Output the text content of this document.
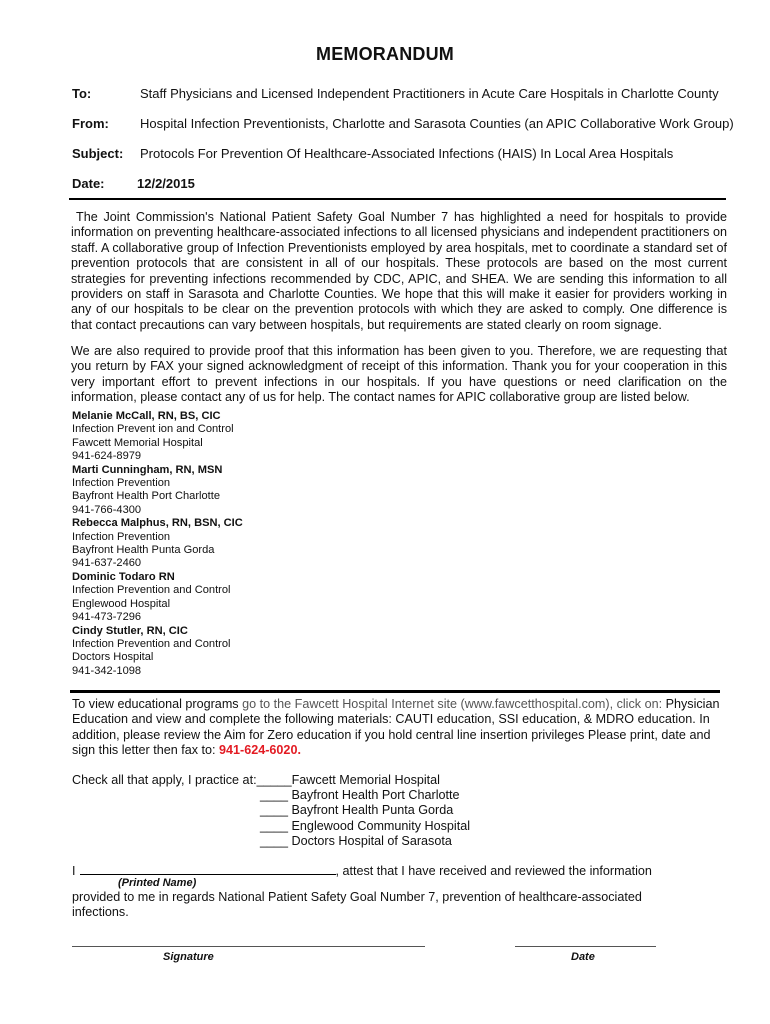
MEMORANDUM
To:	Staff Physicians and Licensed Independent Practitioners in Acute Care Hospitals in Charlotte County
From: Hospital Infection Preventionists, Charlotte and Sarasota Counties (an APIC Collaborative Work Group)
Subject: Protocols For Prevention Of Healthcare-Associated Infections (HAIS) In Local Area Hospitals
Date: 12/2/2015
The Joint Commission's National Patient Safety Goal Number 7 has highlighted a need for hospitals to provide information on preventing healthcare-associated infections to all licensed physicians and independent practitioners on staff. A collaborative group of Infection Preventionists employed by area hospitals, met to coordinate a standard set of prevention protocols that are consistent in all of our hospitals. These protocols are based on the most current strategies for preventing infections recommended by CDC, APIC, and SHEA. We are sending this information to all providers on staff in Sarasota and Charlotte Counties. We hope that this will make it easier for providers working in any of our hospitals to be clear on the prevention protocols with which they are asked to comply. One difference is that contact precautions can vary between hospitals, but requirements are stated clearly on room signage.
We are also required to provide proof that this information has been given to you. Therefore, we are requesting that you return by FAX your signed acknowledgment of receipt of this information. Thank you for your cooperation in this very important effort to prevent infections in our hospitals. If you have questions or need clarification on the information, please contact any of us for help. The contact names for APIC collaborative group are listed below.
Melanie McCall, RN, BS, CIC
Infection Prevent ion and Control
Fawcett Memorial Hospital
941-624-8979
Marti Cunningham, RN, MSN
Infection Prevention
Bayfront Health Port Charlotte
941-766-4300
Rebecca Malphus, RN, BSN, CIC
Infection Prevention
Bayfront Health Punta Gorda
941-637-2460
Dominic Todaro RN
Infection Prevention and Control
Englewood Hospital
941-473-7296
Cindy Stutler, RN, CIC
Infection Prevention and Control
Doctors Hospital
941-342-1098
To view educational programs go to the Fawcett Hospital Internet site (www.fawcetthospital.com), click on: Physician Education and view and complete the following materials: CAUTI education, SSI education, & MDRO education. In addition, please review the Aim for Zero education if you hold central line insertion privileges Please print, date and sign this letter then fax to: 941-624-6020.
Check all that apply, I practice at:_____Fawcett Memorial Hospital
____ Bayfront Health Port Charlotte
____ Bayfront Health Punta Gorda
____ Englewood Community Hospital
____ Doctors Hospital of Sarasota
I	, attest that I have received and reviewed the information
(Printed Name)
provided to me in regards National Patient Safety Goal Number 7, prevention of healthcare-associated infections.
Signature	Date
